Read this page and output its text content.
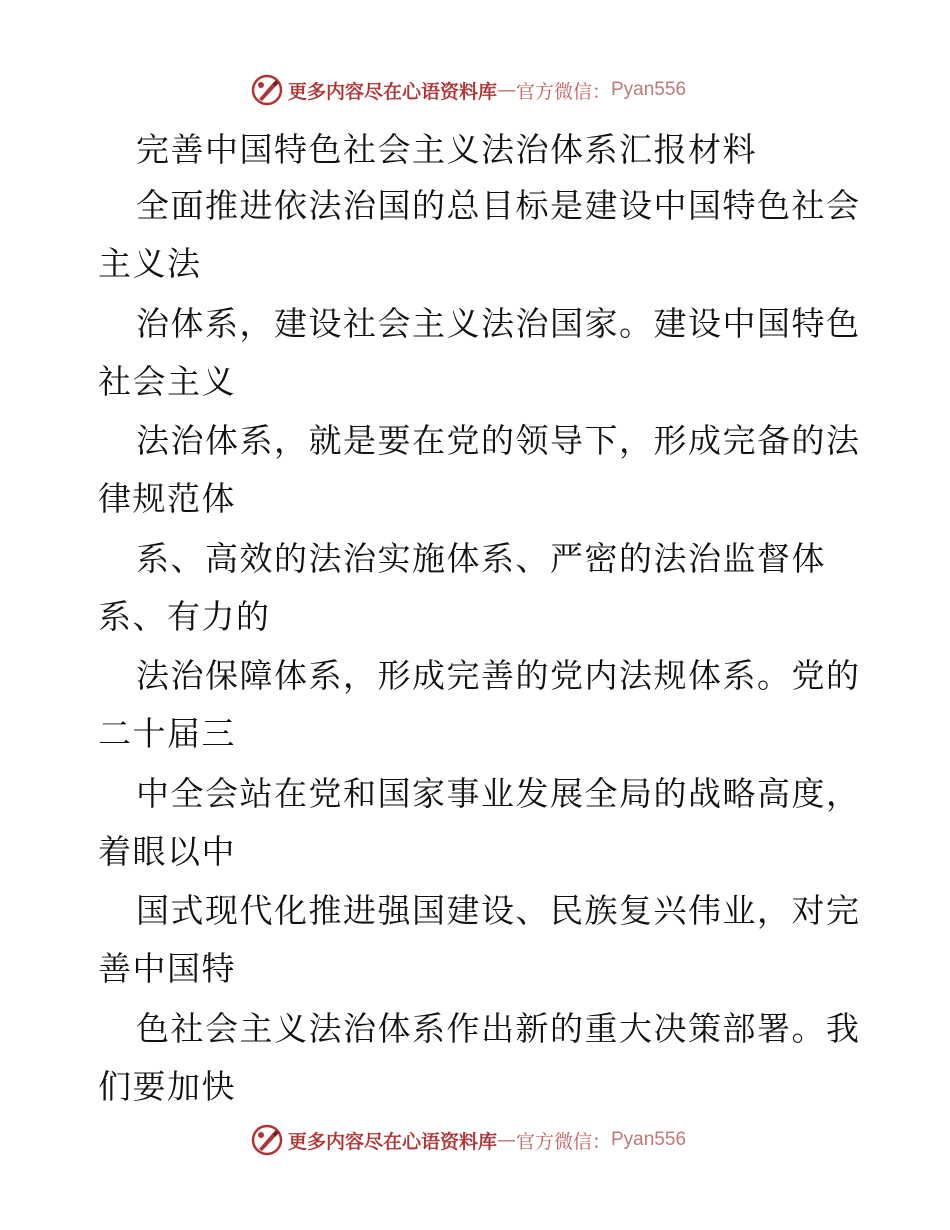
更多内容尽在心语资料库 — 官方微信： Pyan556
完善中国特色社会主义法治体系汇报材料
全面推进依法治国的总目标是建设中国特色社会
主义法
治体系，建设社会主义法治国家。建设中国特色
社会主义
法治体系，就是要在党的领导下，形成完备的法
律规范体
系、高效的法治实施体系、严密的法治监督体
系、有力的
法治保障体系，形成完善的党内法规体系。党的
二十届三
中全会站在党和国家事业发展全局的战略高度，
着眼以中
国式现代化推进强国建设、民族复兴伟业，对完
善中国特
色社会主义法治体系作出新的重大决策部署。我
们要加快
更多内容尽在心语资料库 — 官方微信： Pyan556
